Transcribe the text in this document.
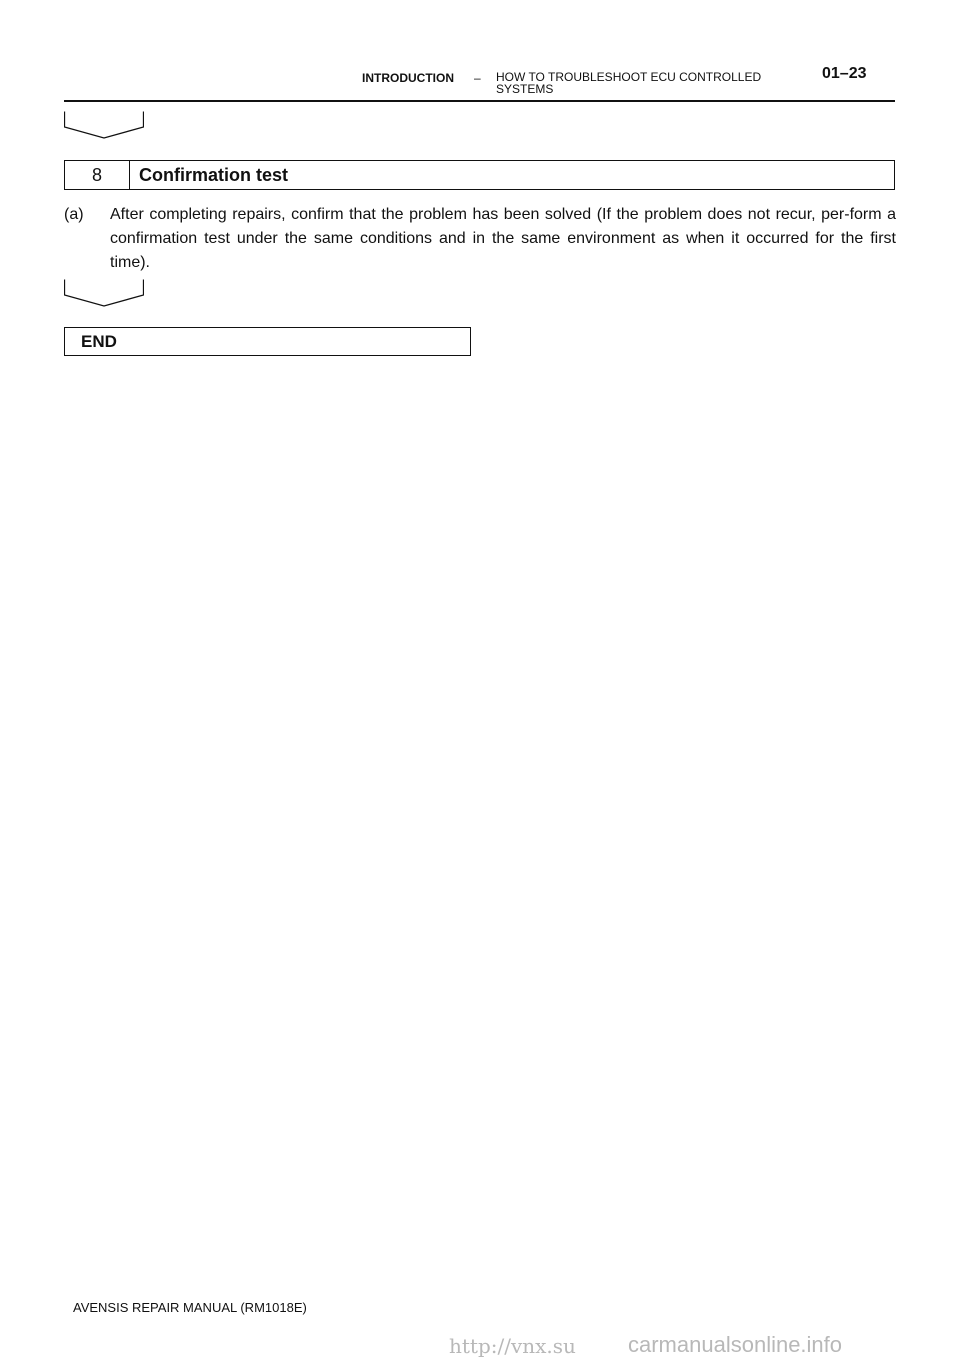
INTRODUCTION – HOW TO TROUBLESHOOT ECU CONTROLLED
SYSTEMS
01–23
8	Confirmation test
(a) After completing repairs, confirm that the problem has been solved (If the problem does not recur, per-form a confirmation test under the same conditions and in the same environment as when it occurred for the first time).
END
AVENSIS REPAIR MANUAL (RM1018E)
http://vnx.su carmanualsonline.info
